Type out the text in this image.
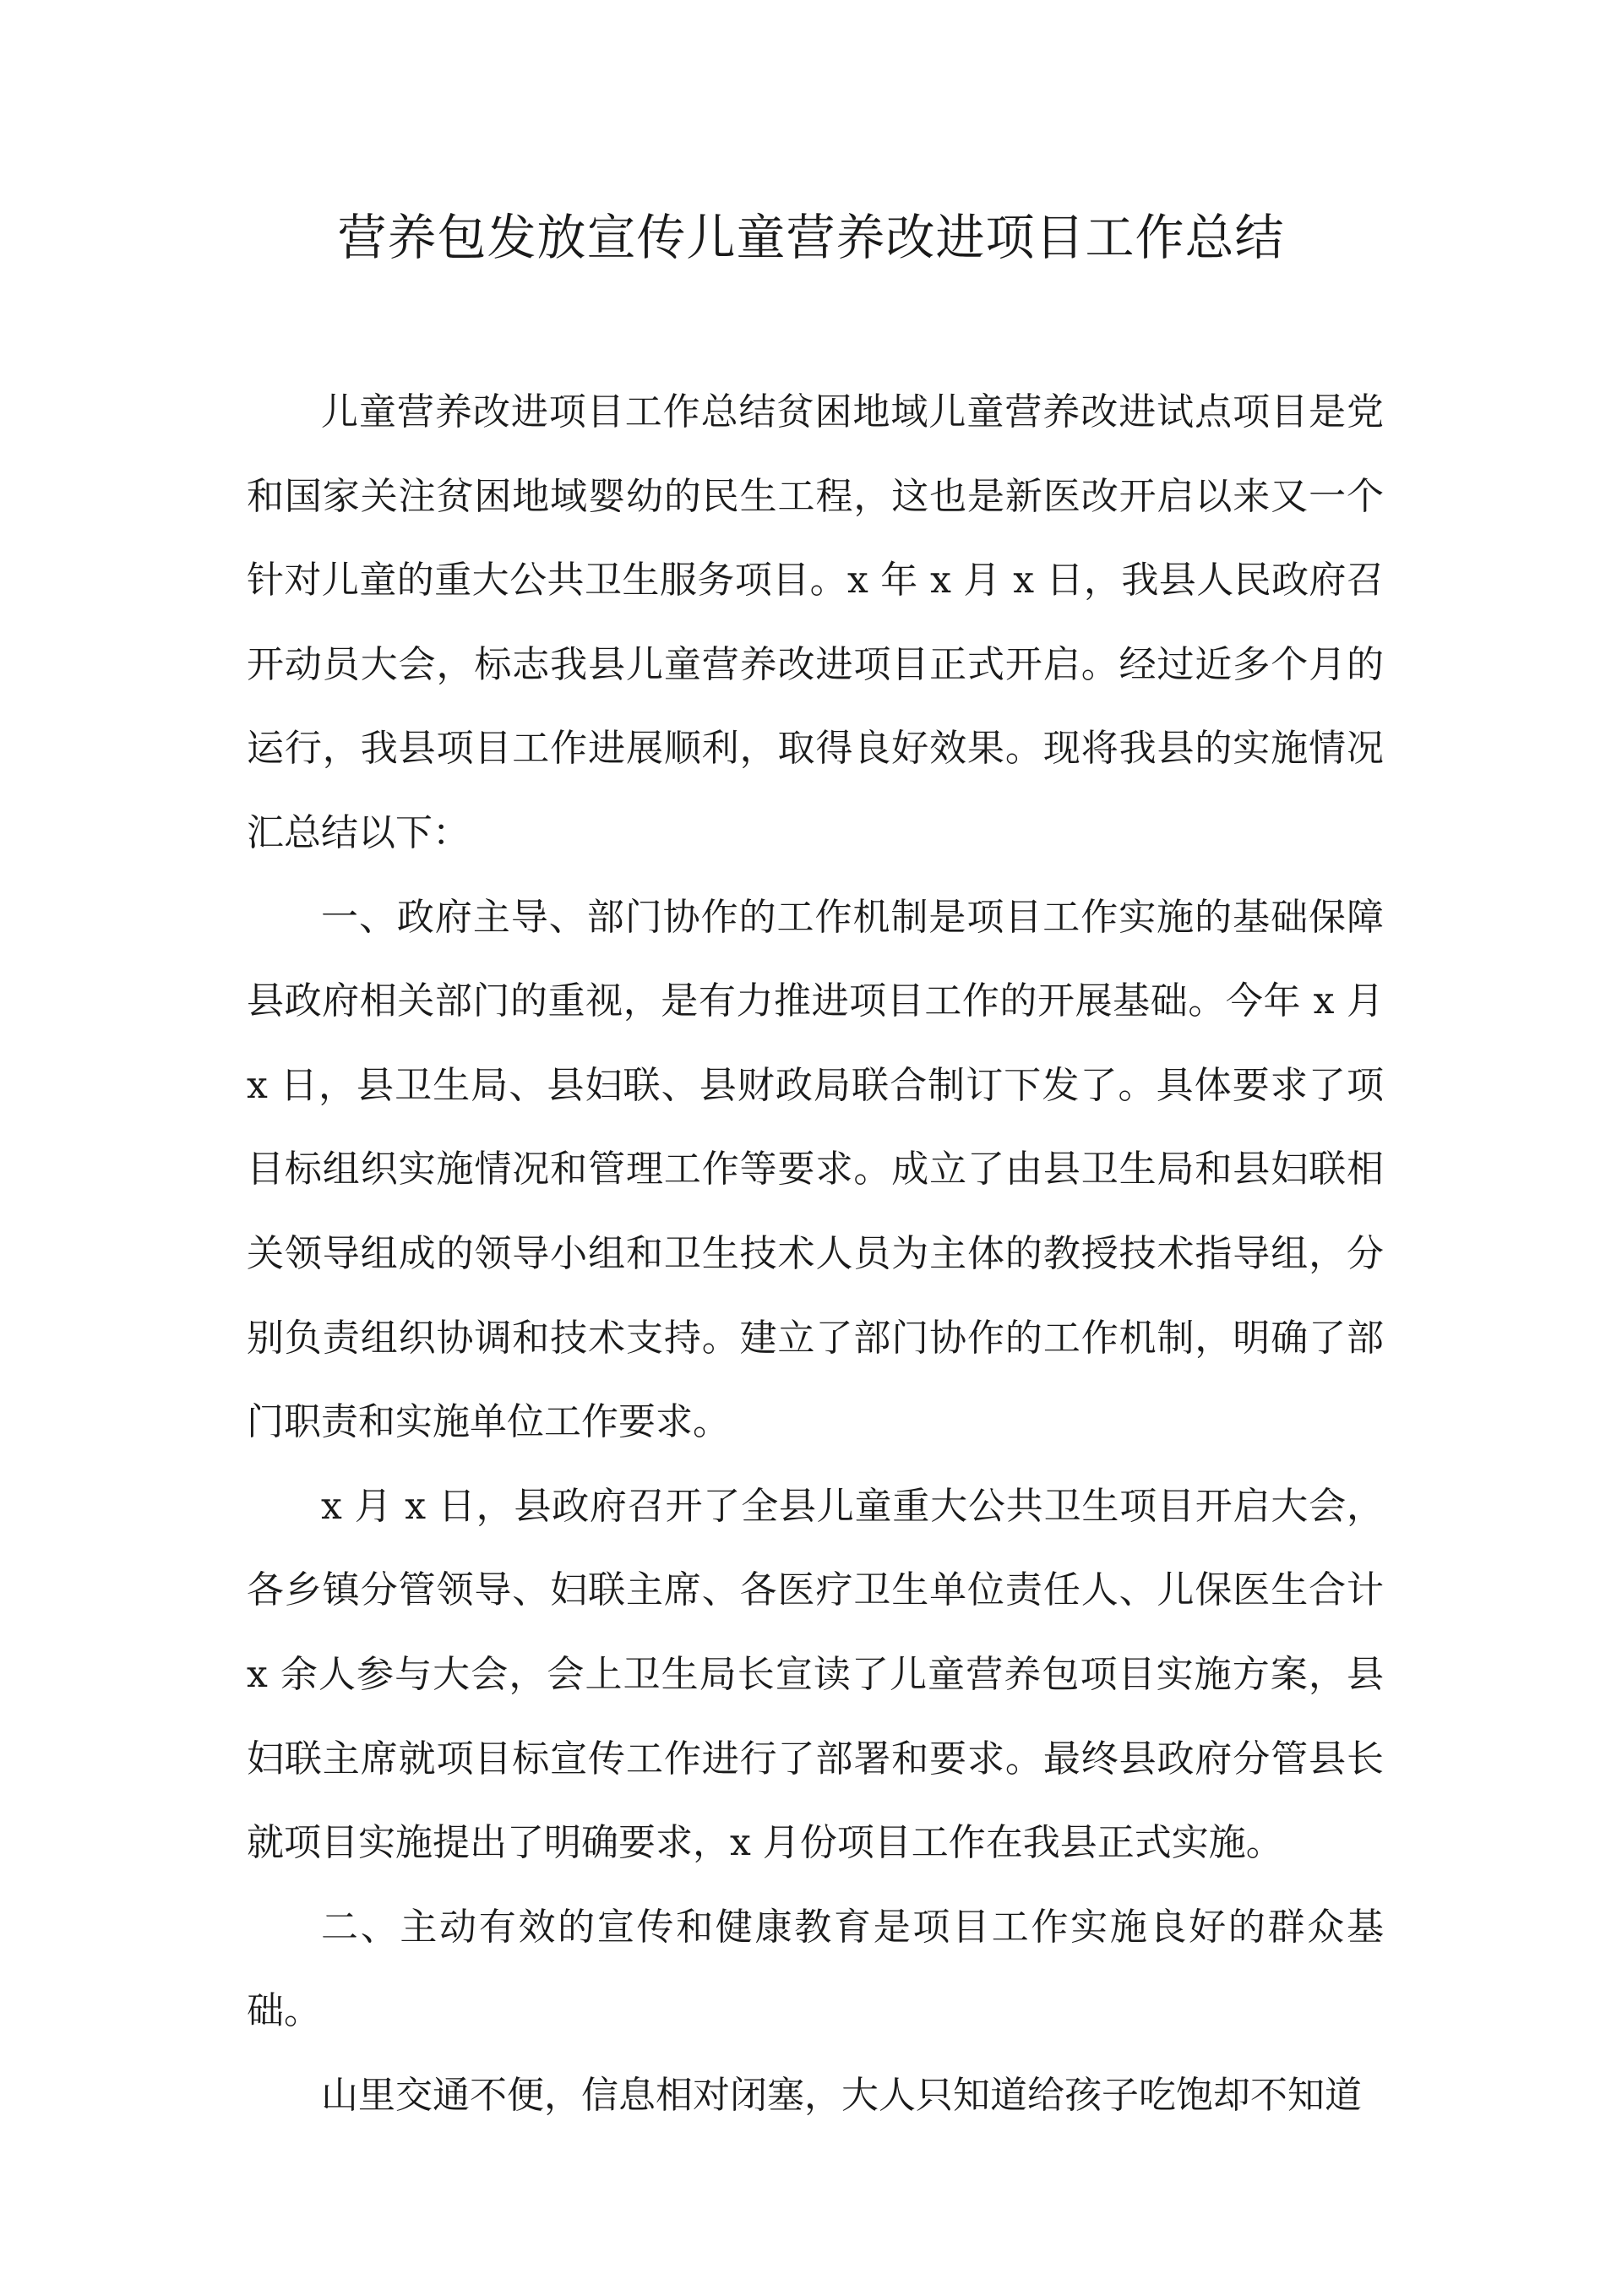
营养包发放宣传儿童营养改进项目工作总结

儿童营养改进项目工作总结贫困地域儿童营养改进试点项目是党和国家关注贫困地域婴幼的民生工程，这也是新医改开启以来又一个针对儿童的重大公共卫生服务项目。x 年 x 月 x 日，我县人民政府召开动员大会，标志我县儿童营养改进项目正式开启。经过近多个月的运行，我县项目工作进展顺利，取得良好效果。现将我县的实施情况汇总结以下：

一、政府主导、部门协作的工作机制是项目工作实施的基础保障县政府相关部门的重视，是有力推进项目工作的开展基础。今年 x 月 x 日，县卫生局、县妇联、县财政局联合制订下发了。具体要求了项目标组织实施情况和管理工作等要求。成立了由县卫生局和县妇联相关领导组成的领导小组和卫生技术人员为主体的教授技术指导组，分别负责组织协调和技术支持。建立了部门协作的工作机制，明确了部门职责和实施单位工作要求。

x 月 x 日，县政府召开了全县儿童重大公共卫生项目开启大会，各乡镇分管领导、妇联主席、各医疗卫生单位责任人、儿保医生合计 x 余人参与大会，会上卫生局长宣读了儿童营养包项目实施方案，县妇联主席就项目标宣传工作进行了部署和要求。最终县政府分管县长就项目实施提出了明确要求，x 月份项目工作在我县正式实施。

二、主动有效的宣传和健康教育是项目工作实施良好的群众基础。

山里交通不便，信息相对闭塞，大人只知道给孩子吃饱却不知道
